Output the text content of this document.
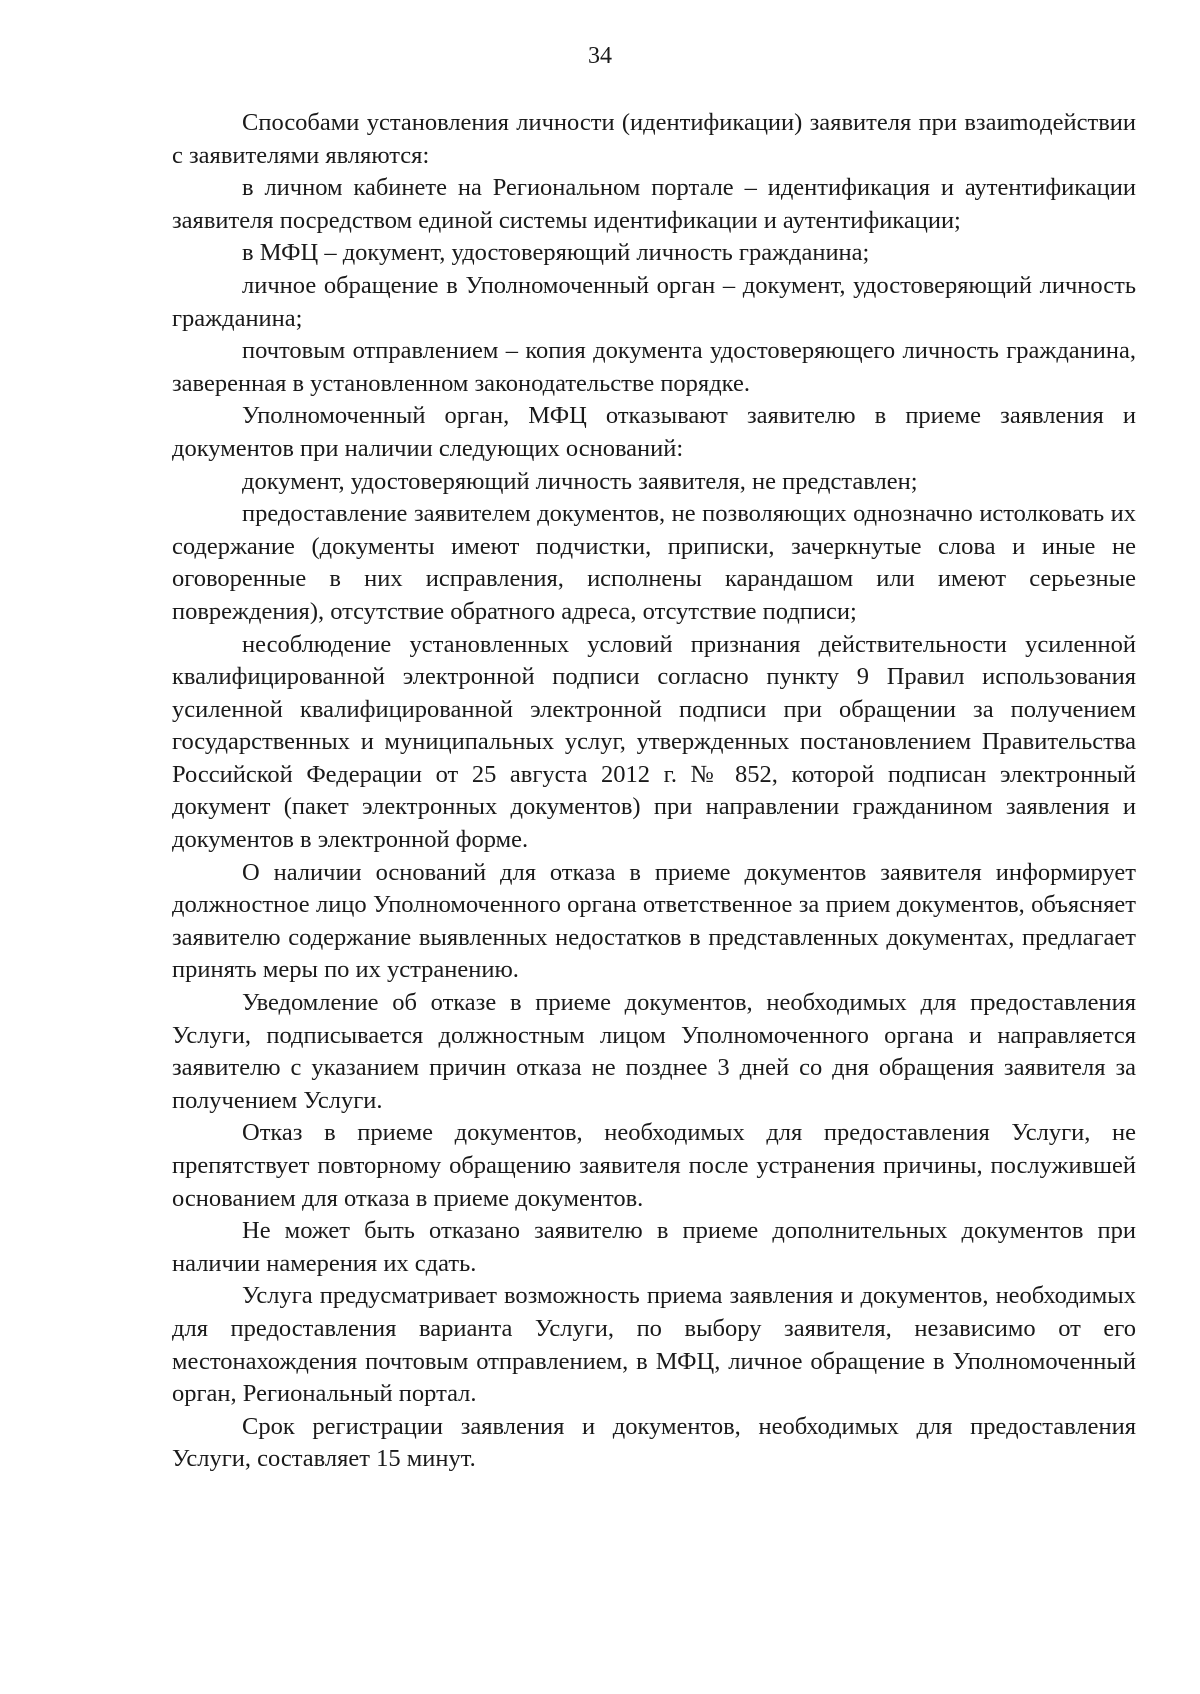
34

Способами установления личности (идентификации) заявителя при взаиmодействии с заявителями являются:

в личном кабинете на Региональном портале – идентификация и аутентификации заявителя посредством единой системы идентификации и аутентификации;

в МФЦ – документ, удостоверяющий личность гражданина;

личное обращение в Уполномоченный орган – документ, удостоверяющий личность гражданина;

почтовым отправлением – копия документа удостоверяющего личность гражданина, заверенная в установленном законодательстве порядке.

Уполномоченный орган, МФЦ отказывают заявителю в приеме заявления и документов при наличии следующих оснований:

документ, удостоверяющий личность заявителя, не представлен;

предоставление заявителем документов, не позволяющих однозначно истолковать их содержание (документы имеют подчистки, приписки, зачеркнутые слова и иные не оговоренные в них исправления, исполнены карандашом или имеют серьезные повреждения), отсутствие обратного адреса, отсутствие подписи;

несоблюдение установленных условий признания действительности усиленной квалифицированной электронной подписи согласно пункту 9 Правил использования усиленной квалифицированной электронной подписи при обращении за получением государственных и муниципальных услуг, утвержденных постановлением Правительства Российской Федерации от 25 августа 2012 г. № 852, которой подписан электронный документ (пакет электронных документов) при направлении гражданином заявления и документов в электронной форме.

О наличии оснований для отказа в приеме документов заявителя информирует должностное лицо Уполномоченного органа ответственное за прием документов, объясняет заявителю содержание выявленных недостатков в представленных документах, предлагает принять меры по их устранению.

Уведомление об отказе в приеме документов, необходимых для предоставления Услуги, подписывается должностным лицом Уполномоченного органа и направляется заявителю с указанием причин отказа не позднее 3 дней со дня обращения заявителя за получением Услуги.

Отказ в приеме документов, необходимых для предоставления Услуги, не препятствует повторному обращению заявителя после устранения причины, послужившей основанием для отказа в приеме документов.

Не может быть отказано заявителю в приеме дополнительных документов при наличии намерения их сдать.

Услуга предусматривает возможность приема заявления и документов, необходимых для предоставления варианта Услуги, по выбору заявителя, независимо от его местонахождения почтовым отправлением, в МФЦ, личное обращение в Уполномоченный орган, Региональный портал.

Срок регистрации заявления и документов, необходимых для предоставления Услуги, составляет 15 минут.
